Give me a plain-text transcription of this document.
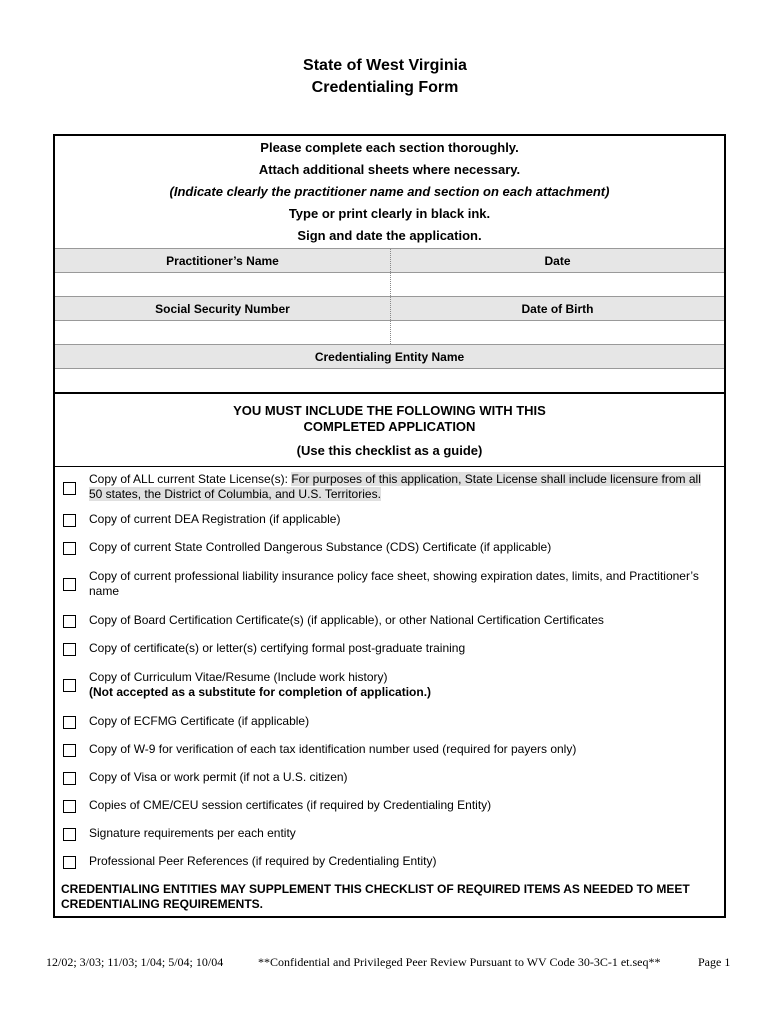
State of West Virginia
Credentialing Form
Please complete each section thoroughly.
Attach additional sheets where necessary.
(Indicate clearly the practitioner name and section on each attachment)
Type or print clearly in black ink.
Sign and date the application.
Practitioner’s Name	Date
Social Security Number	Date of Birth
Credentialing Entity Name
YOU MUST INCLUDE THE FOLLOWING WITH THIS
COMPLETED APPLICATION
(Use this checklist as a guide)
Copy of ALL current State License(s): For purposes of this application, State License shall include licensure from all 50 states, the District of Columbia, and U.S. Territories.
Copy of current DEA Registration (if applicable)
Copy of current State Controlled Dangerous Substance (CDS) Certificate (if applicable)
Copy of current professional liability insurance policy face sheet, showing expiration dates, limits, and Practitioner’s name
Copy of Board Certification Certificate(s) (if applicable), or other National Certification Certificates
Copy of certificate(s) or letter(s) certifying formal post-graduate training
Copy of Curriculum Vitae/Resume (Include work history)
(Not accepted as a substitute for completion of application.)
Copy of ECFMG Certificate (if applicable)
Copy of W-9 for verification of each tax identification number used (required for payers only)
Copy of Visa or work permit (if not a U.S. citizen)
Copies of CME/CEU session certificates (if required by Credentialing Entity)
Signature requirements per each entity
Professional Peer References (if required by Credentialing Entity)
CREDENTIALING ENTITIES MAY SUPPLEMENT THIS CHECKLIST OF REQUIRED ITEMS AS NEEDED TO MEET CREDENTIALING REQUIREMENTS.
12/02; 3/03; 11/03; 1/04; 5/04; 10/04	**Confidential and Privileged Peer Review Pursuant to WV Code 30-3C-1 et.seq**	Page 1
